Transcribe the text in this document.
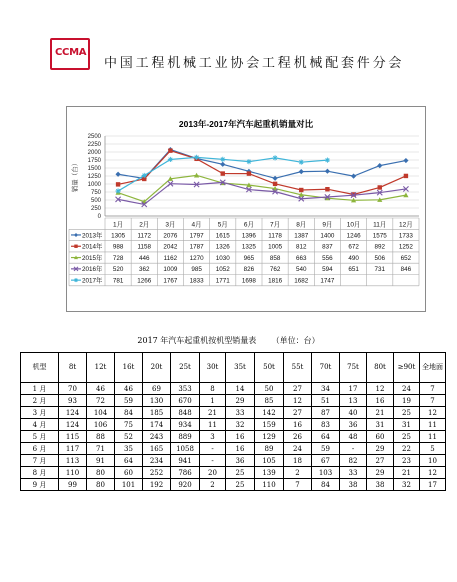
CCMA
中国工程机械工业协会工程机械配套件分会
2013年-2017年汽车起重机销量对比
0
250
500
750
1000
1250
1500
1750
2000
2250
2500
销量（台）
1月 2月 3月 4月 5月 6月 7月 8月 9月 10月 11月 12月
2013年 1305 1172 2076 1797 1615 1396 1178 1387 1400 1246 1575 1733
2014年 988 1158 2042 1787 1326 1325 1005 812 837 672 892 1252
2015年 728 446 1162 1270 1030 965 858 663 556 490 506 652
2016年 520 362 1009 985 1052 826 762 540 594 651 731 846
2017年 781 1266 1767 1833 1771 1698 1816 1682 1747
2017 年汽车起重机按机型销量表 （单位：台）
机型	8t	12t	16t	20t	25t	30t	35t	50t	55t	70t	75t	80t	≥90t	全地面
1 月	70	46	46	69	353	8	14	50	27	34	17	12	24	7
2 月	93	72	59	130	670	1	29	85	12	51	13	16	19	7
3 月	124	104	84	185	848	21	33	142	27	87	40	21	25	12
4 月	124	106	75	174	934	11	32	159	16	83	36	31	31	11
5 月	115	88	52	243	889	3	16	129	26	64	48	60	25	11
6 月	117	71	35	165	1058	-	16	89	24	59	-	29	22	5
7 月	113	91	64	234	941	-	36	105	18	67	82	27	23	10
8 月	110	80	60	252	786	20	25	139	2	103	33	29	21	12
9 月	99	80	101	192	920	2	25	110	7	84	38	38	32	17
